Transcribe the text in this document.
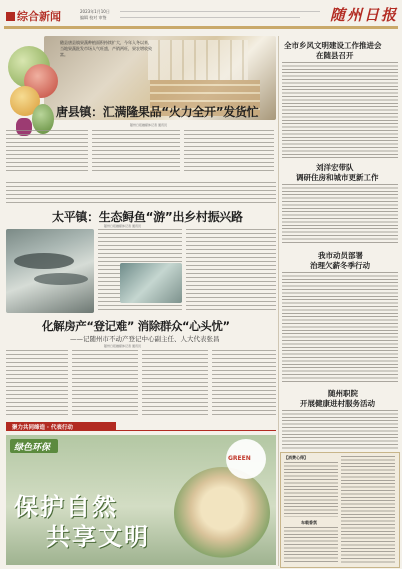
综合新闻	2023年1月10日
编辑 校对 审签	随州日报
随县唐县镇果蔬种植面积持续扩大，今年入冬以来，当地果蔬批发市场人气旺盛，产销两旺，果农增收致富。
唐县镇：汇满隆果品“火力全开”发货忙
随州日报融媒体记者 通讯员
太平镇：生态鲟鱼“游”出乡村振兴路
随州日报融媒体记者 通讯员
化解房产“登记难” 消除群众“心头忧”
——记随州市不动产登记中心副主任、人大代表张昌
随州日报融媒体记者 通讯员
聚力共同缔造 · 代表行动
绿色环保
保护自然
共享文明
GREEN
全市乡风文明建设工作推进会
在随县召开
刘洋宏带队
调研住房和城市更新工作
我市动员部署
治理欠薪冬季行动
随州职院
开展健康进村服务活动
【消费心得】
车载香氛
